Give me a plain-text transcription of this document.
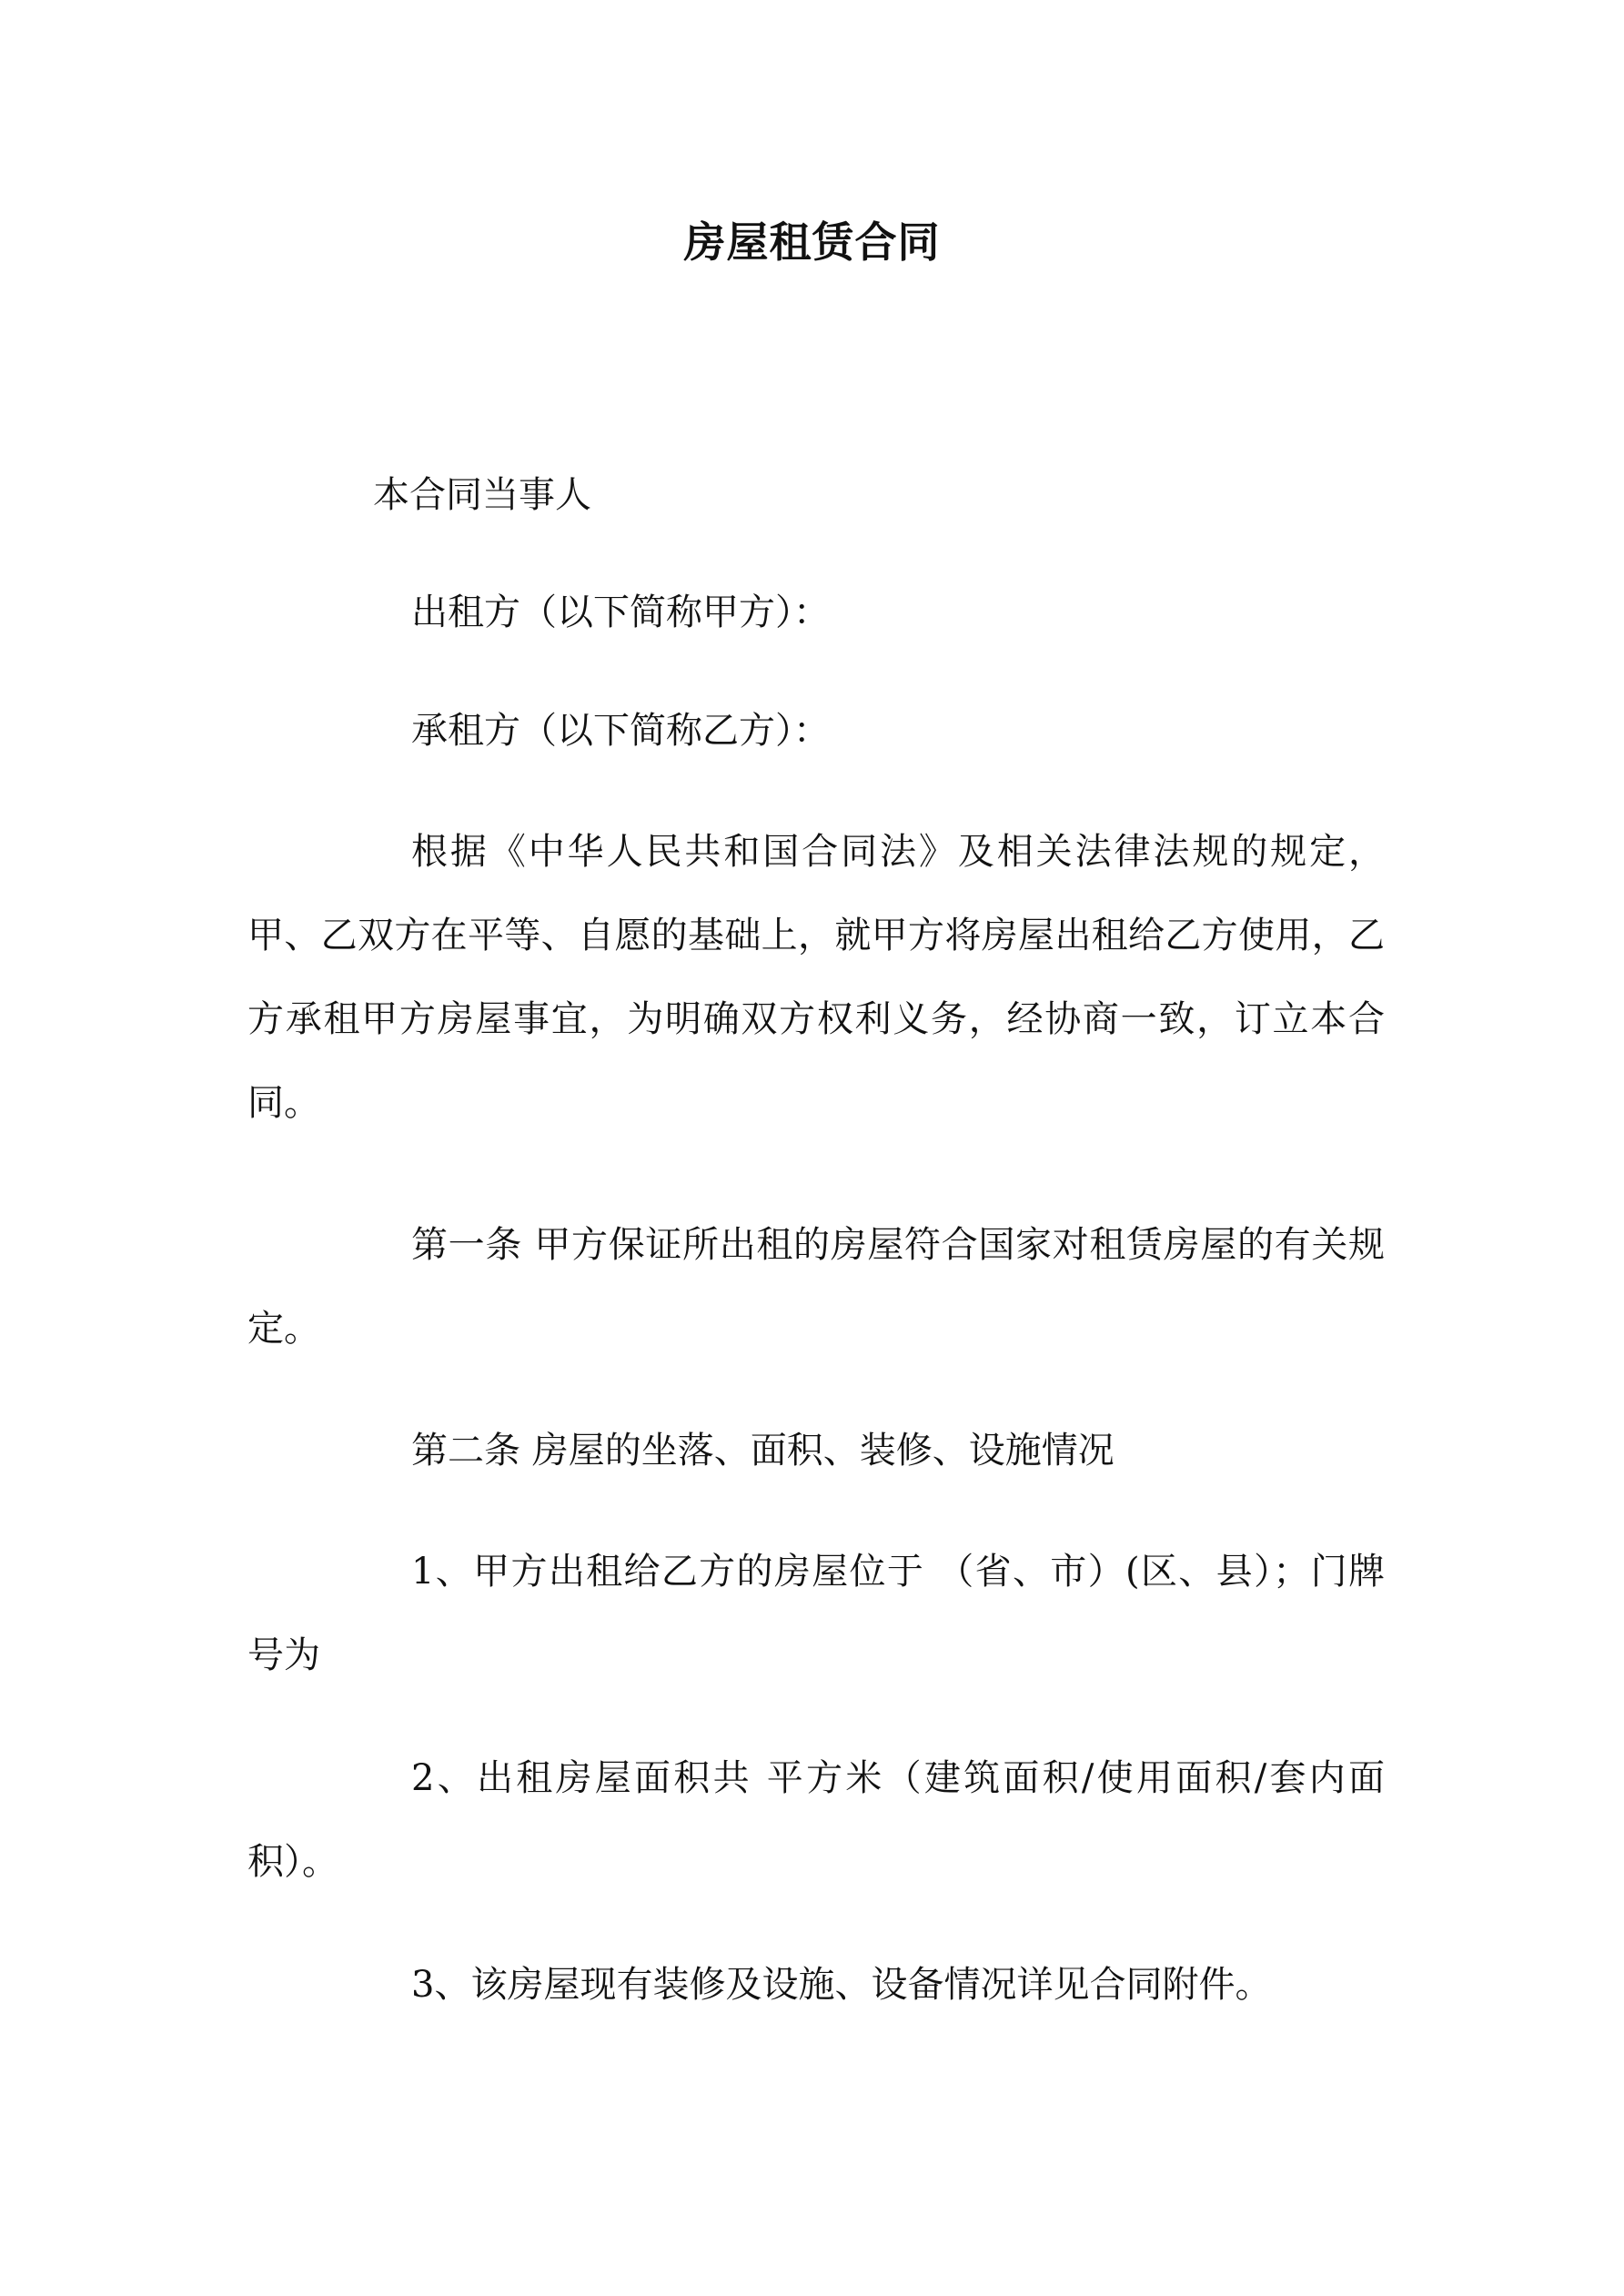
房屋租赁合同

本合同当事人

出租方（以下简称甲方）：

承租方（以下简称乙方）：

根据《中华人民共和国合同法》及相关法律法规的规定，甲、乙双方在平等、自愿的基础上，就甲方将房屋出租给乙方使用，乙方承租甲方房屋事宜，为明确双方权利义务，经协商一致，订立本合同。

第一条 甲方保证所出租的房屋符合国家对租赁房屋的有关规定。

第二条 房屋的坐落、面积、装修、设施情况

1、甲方出租给乙方的房屋位于 （省、市）(区、县）；门牌号为

2、出租房屋面积共 平方米（建筑面积/使用面积/套内面积）。

3、该房屋现有装修及设施、设备情况详见合同附件。
